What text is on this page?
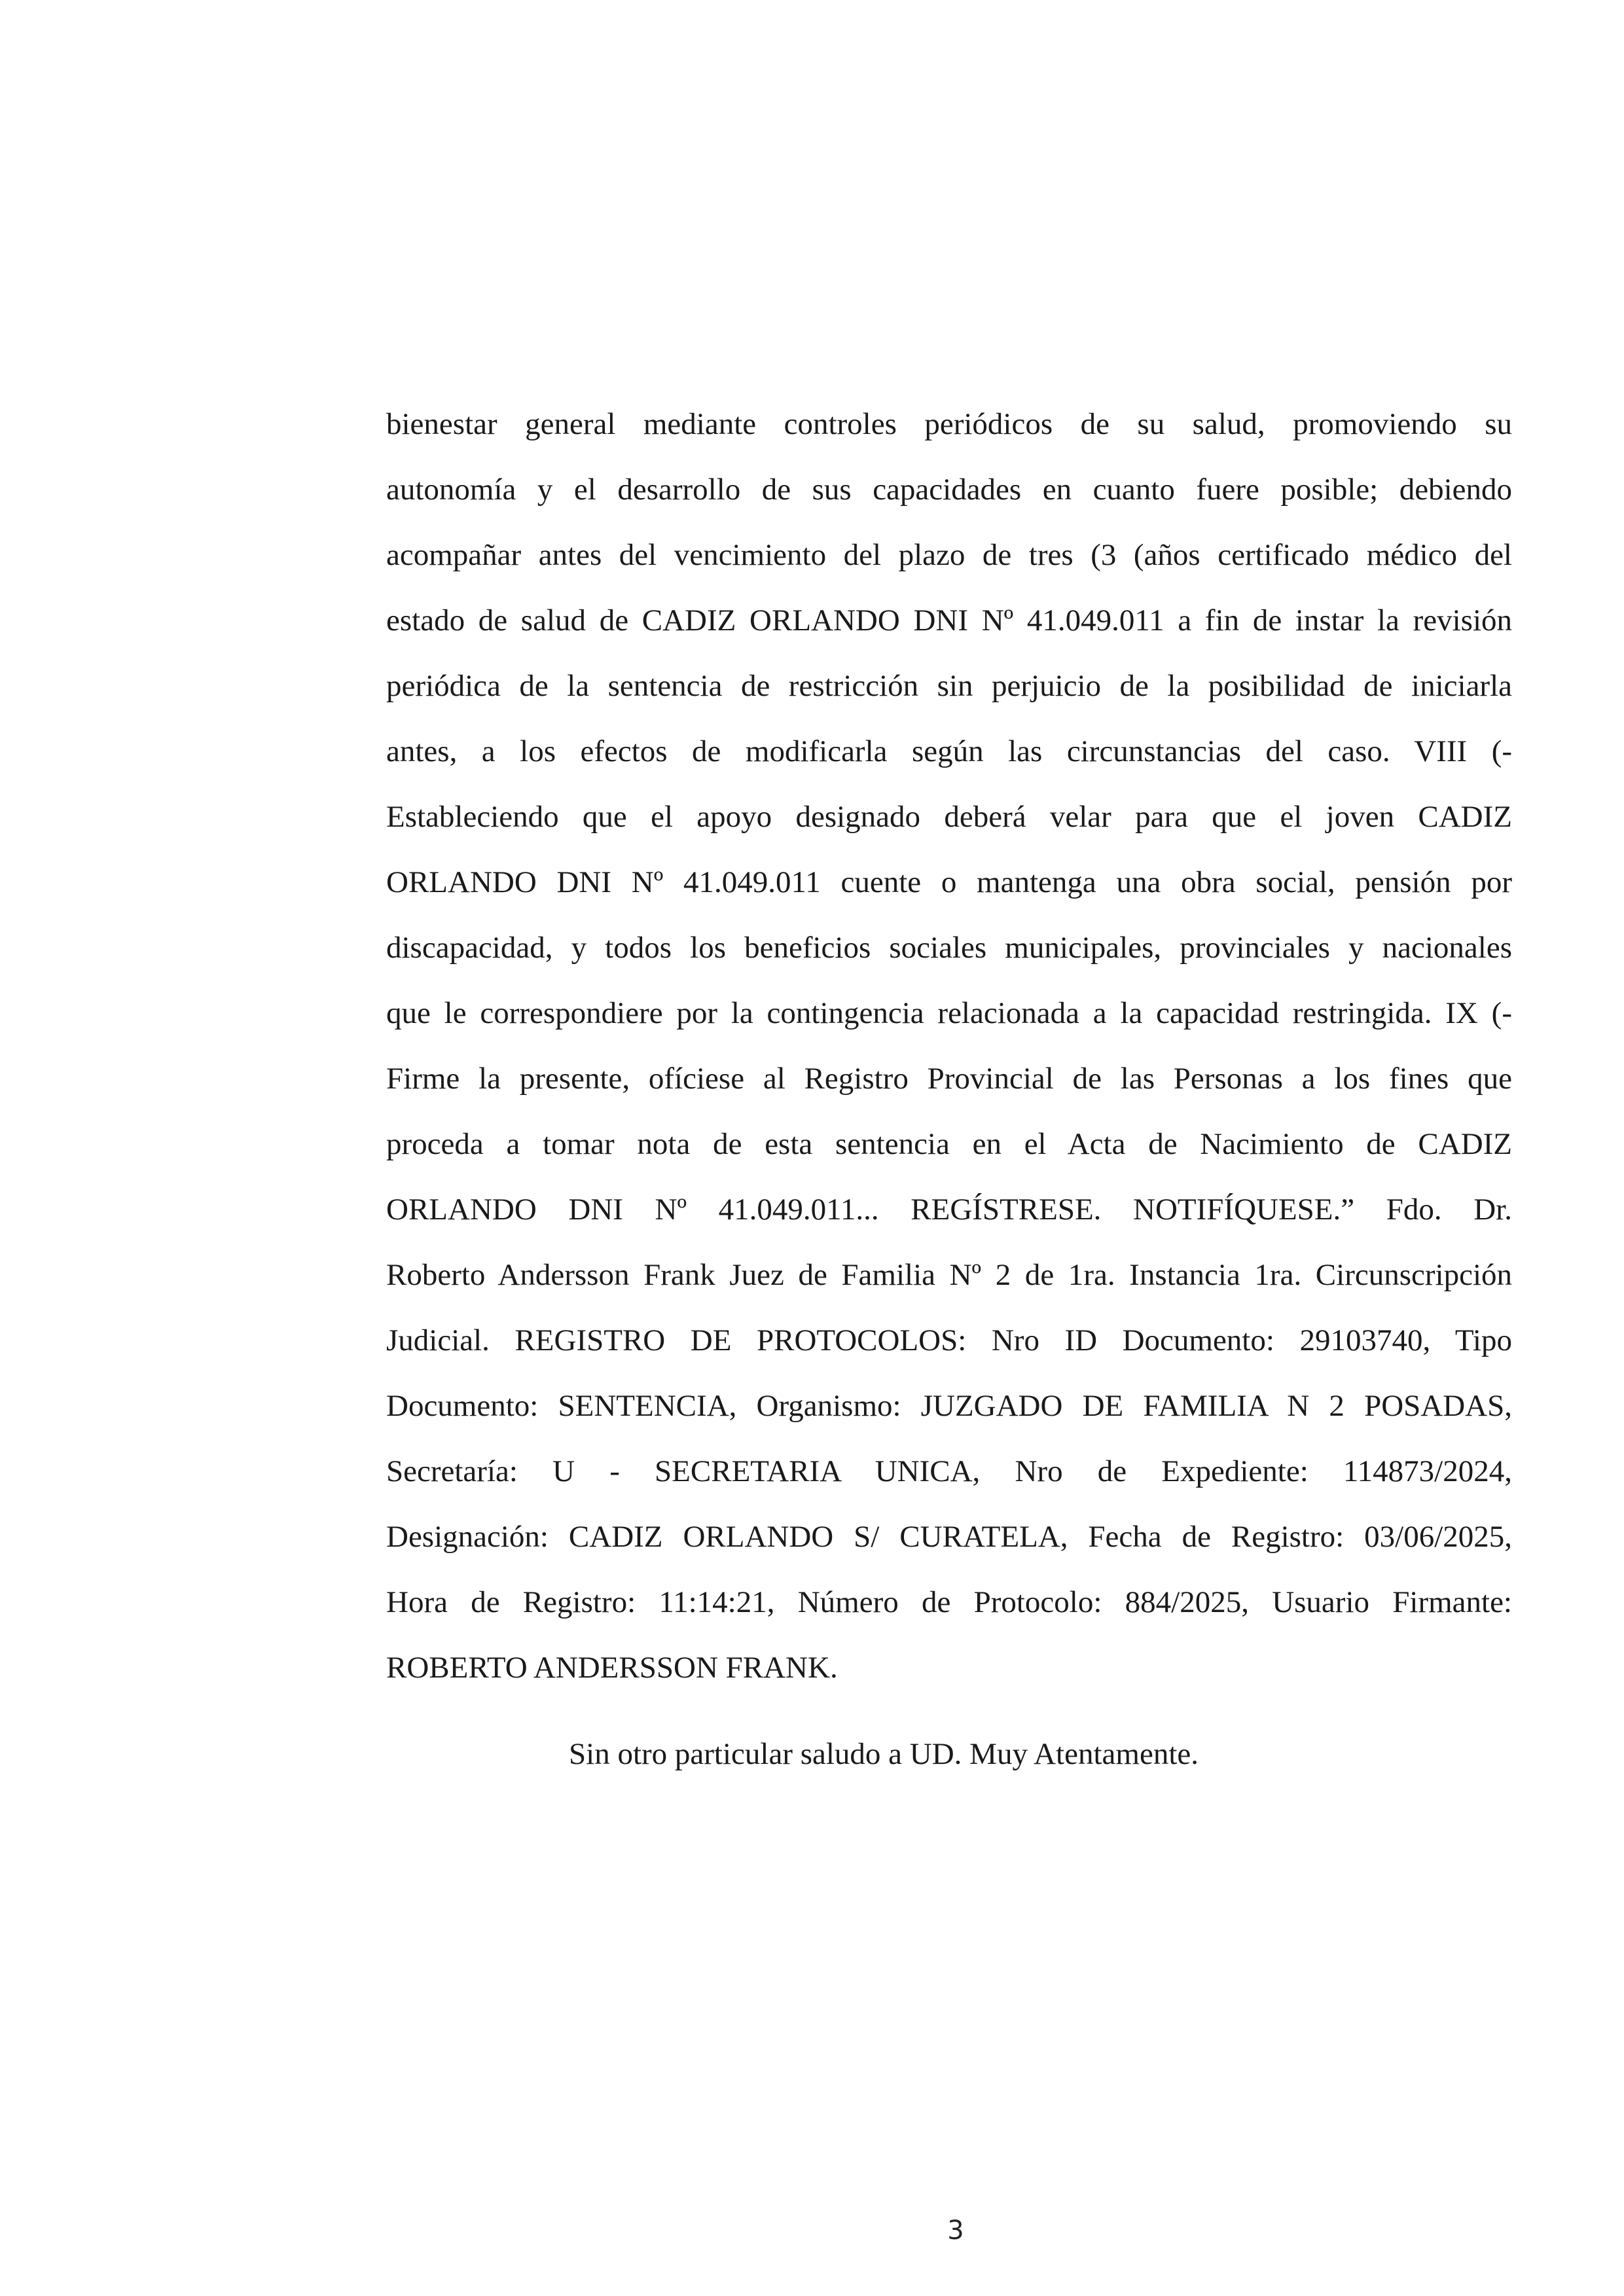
bienestar general mediante controles periódicos de su salud, promoviendo su
autonomía y el desarrollo de sus capacidades en cuanto fuere posible; debiendo
acompañar antes del vencimiento del plazo de tres (3 (años certificado médico del
estado de salud de CADIZ ORLANDO DNI Nº 41.049.011 a fin de instar la revisión
periódica de la sentencia de restricción sin perjuicio de la posibilidad de iniciarla
antes, a los efectos de modificarla según las circunstancias del caso. VIII (-
Estableciendo que el apoyo designado deberá velar para que el joven CADIZ
ORLANDO DNI Nº 41.049.011 cuente o mantenga una obra social, pensión por
discapacidad, y todos los beneficios sociales municipales, provinciales y nacionales
que le correspondiere por la contingencia relacionada a la capacidad restringida. IX (-
Firme la presente, ofíciese al Registro Provincial de las Personas a los fines que
proceda a tomar nota de esta sentencia en el Acta de Nacimiento de CADIZ
ORLANDO DNI Nº 41.049.011... REGÍSTRESE. NOTIFÍQUESE.” Fdo. Dr.
Roberto Andersson Frank Juez de Familia Nº 2 de 1ra. Instancia 1ra. Circunscripción
Judicial. REGISTRO DE PROTOCOLOS: Nro ID Documento: 29103740, Tipo
Documento: SENTENCIA, Organismo: JUZGADO DE FAMILIA N 2 POSADAS,
Secretaría: U - SECRETARIA UNICA, Nro de Expediente: 114873/2024,
Designación: CADIZ ORLANDO S/ CURATELA, Fecha de Registro: 03/06/2025,
Hora de Registro: 11:14:21, Número de Protocolo: 884/2025, Usuario Firmante:
ROBERTO ANDERSSON FRANK.
Sin otro particular saludo a UD. Muy Atentamente.
3
